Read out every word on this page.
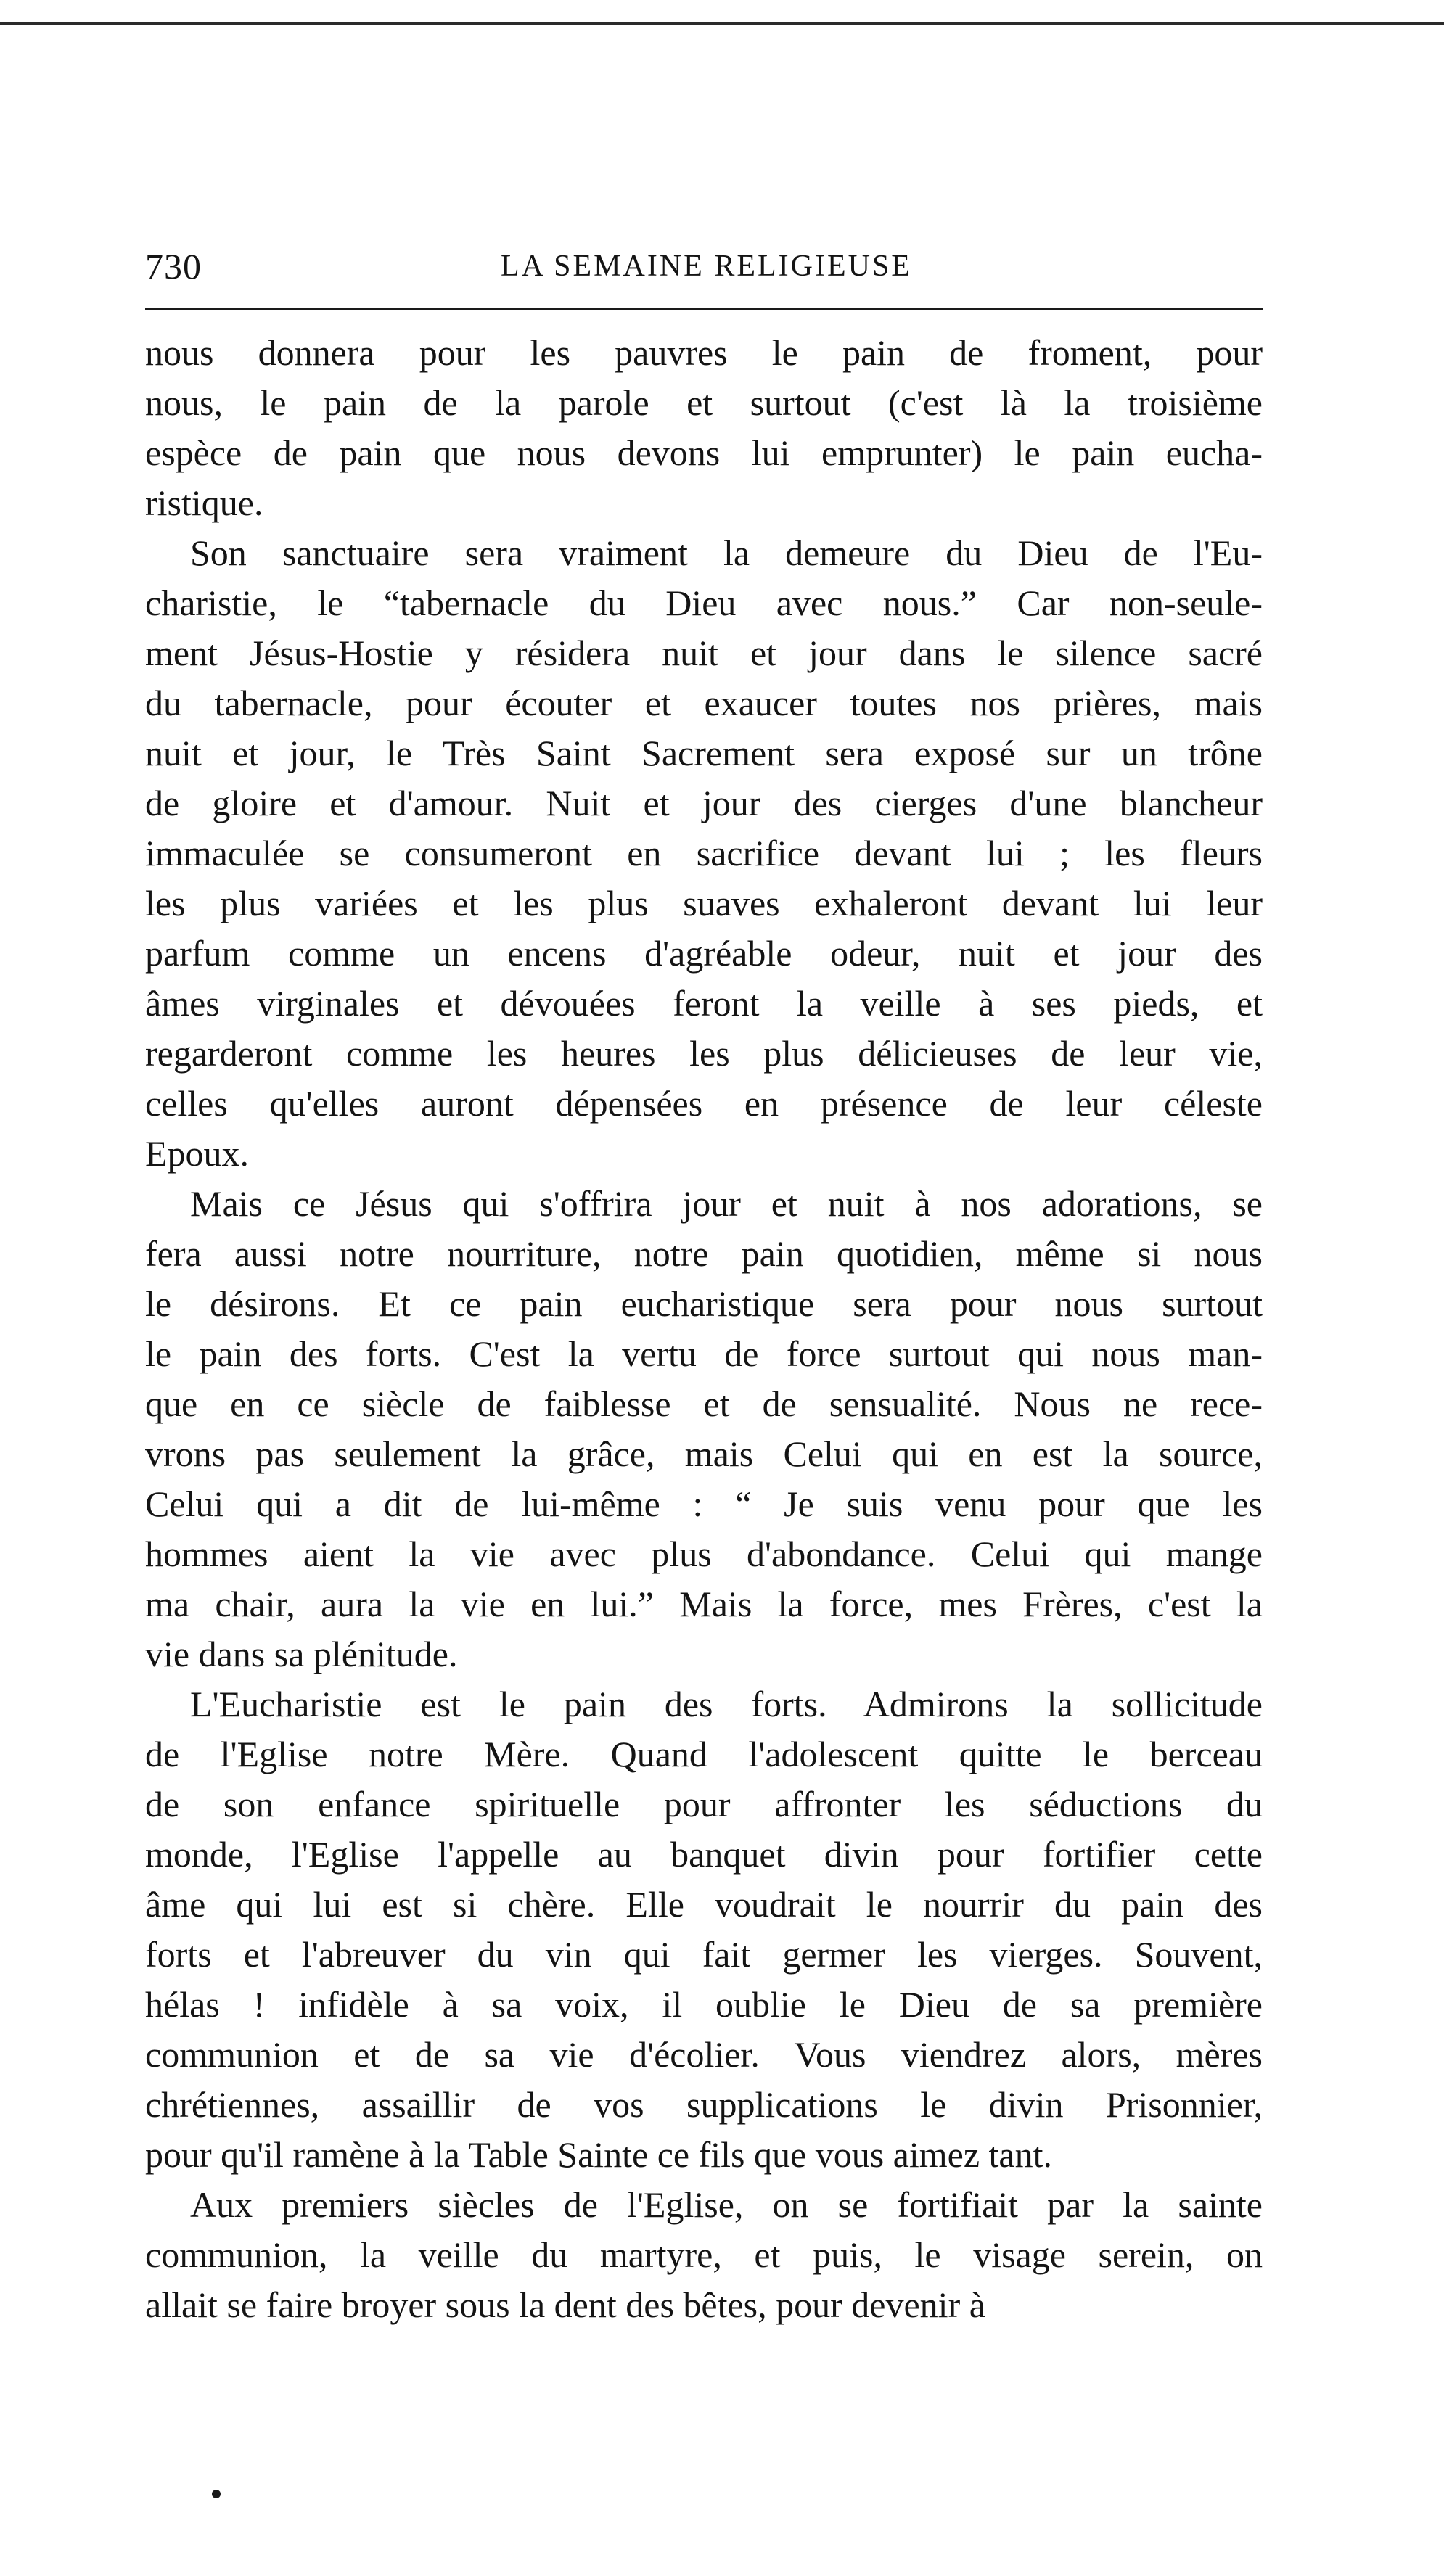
730	LA SEMAINE RELIGIEUSE
nous donnera pour les pauvres le pain de froment, pour
nous, le pain de la parole et surtout (c'est là la troisième
espèce de pain que nous devons lui emprunter) le pain eucha-
ristique.
Son sanctuaire sera vraiment la demeure du Dieu de l'Eu-
charistie, le “tabernacle du Dieu avec nous.” Car non-seule-
ment Jésus-Hostie y résidera nuit et jour dans le silence sacré
du tabernacle, pour écouter et exaucer toutes nos prières, mais
nuit et jour, le Très Saint Sacrement sera exposé sur un trône
de gloire et d'amour. Nuit et jour des cierges d'une blancheur
immaculée se consumeront en sacrifice devant lui ; les fleurs
les plus variées et les plus suaves exhaleront devant lui leur
parfum comme un encens d'agréable odeur, nuit et jour des
âmes virginales et dévouées feront la veille à ses pieds, et
regarderont comme les heures les plus délicieuses de leur vie,
celles qu'elles auront dépensées en présence de leur céleste
Epoux.
Mais ce Jésus qui s'offrira jour et nuit à nos adorations, se
fera aussi notre nourriture, notre pain quotidien, même si nous
le désirons. Et ce pain eucharistique sera pour nous surtout
le pain des forts. C'est la vertu de force surtout qui nous man-
que en ce siècle de faiblesse et de sensualité. Nous ne rece-
vrons pas seulement la grâce, mais Celui qui en est la source,
Celui qui a dit de lui-même : “ Je suis venu pour que les
hommes aient la vie avec plus d'abondance. Celui qui mange
ma chair, aura la vie en lui.” Mais la force, mes Frères, c'est la
vie dans sa plénitude.
L'Eucharistie est le pain des forts. Admirons la sollicitude
de l'Eglise notre Mère. Quand l'adolescent quitte le berceau
de son enfance spirituelle pour affronter les séductions du
monde, l'Eglise l'appelle au banquet divin pour fortifier cette
âme qui lui est si chère. Elle voudrait le nourrir du pain des
forts et l'abreuver du vin qui fait germer les vierges. Souvent,
hélas ! infidèle à sa voix, il oublie le Dieu de sa première
communion et de sa vie d'écolier. Vous viendrez alors, mères
chrétiennes, assaillir de vos supplications le divin Prisonnier,
pour qu'il ramène à la Table Sainte ce fils que vous aimez tant.
Aux premiers siècles de l'Eglise, on se fortifiait par la sainte
communion, la veille du martyre, et puis, le visage serein, on
allait se faire broyer sous la dent des bêtes, pour devenir à
